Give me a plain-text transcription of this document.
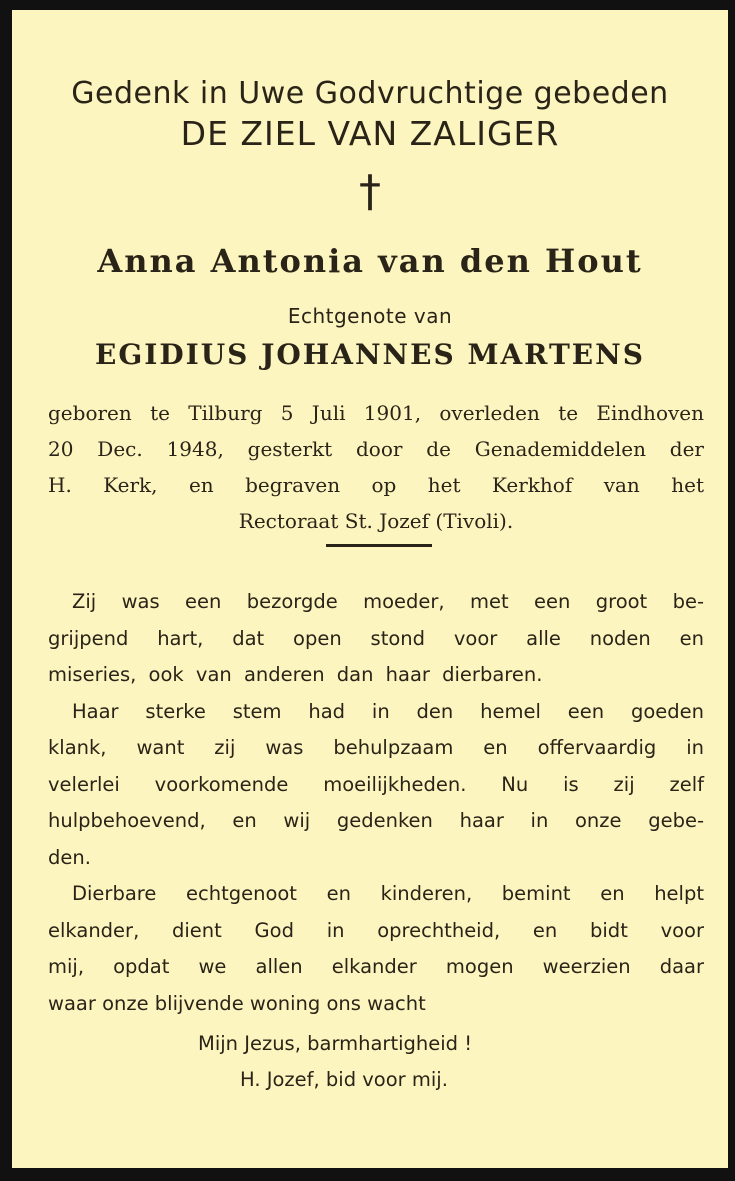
Gedenk in Uwe Godvruchtige gebeden
DE ZIEL VAN ZALIGER
†
Anna Antonia van den Hout
Echtgenote van
EGIDIUS JOHANNES MARTENS
geboren te Tilburg 5 Juli 1901, overleden te Eindhoven
20 Dec. 1948, gesterkt door de Genademiddelen der
H. Kerk, en begraven op het Kerkhof van het
Rectoraat St. Jozef (Tivoli).
Zij was een bezorgde moeder, met een groot be-
grijpend hart, dat open stond voor alle noden en
miseries, ook van anderen dan haar dierbaren.
Haar sterke stem had in den hemel een goeden
klank, want zij was behulpzaam en offervaardig in
velerlei voorkomende moeilijkheden. Nu is zij zelf
hulpbehoevend, en wij gedenken haar in onze gebe-
den.
Dierbare echtgenoot en kinderen, bemint en helpt
elkander, dient God in oprechtheid, en bidt voor
mij, opdat we allen elkander mogen weerzien daar
waar onze blijvende woning ons wacht
Mijn Jezus, barmhartigheid !
H. Jozef, bid voor mij.
